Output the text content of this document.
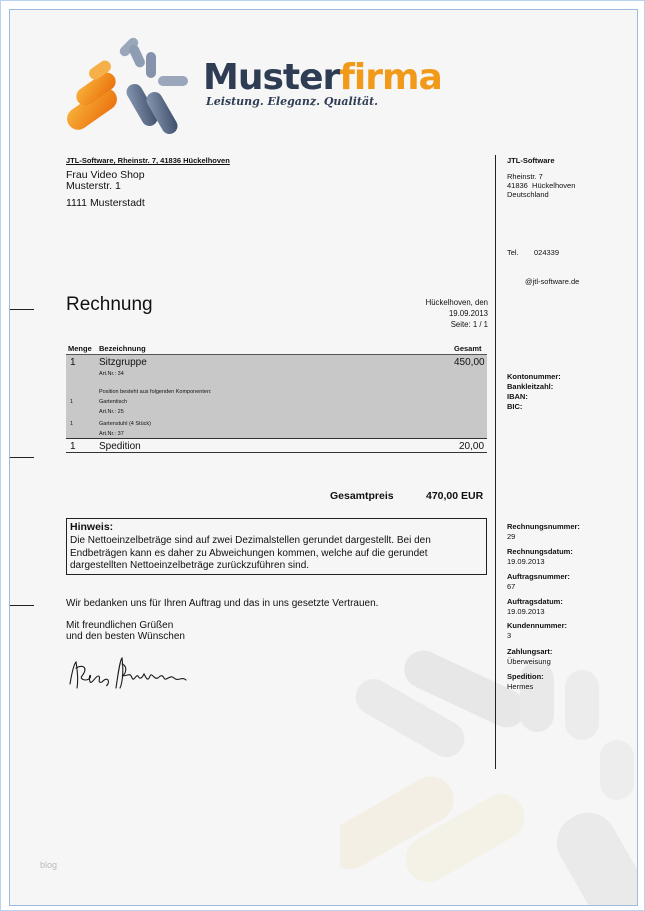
Musterfirma
Leistung. Eleganz. Qualität.
JTL-Software, Rheinstr. 7, 41836 Hückelhoven
Frau Video Shop
Musterstr. 1
1111 Musterstadt
JTL-Software
Rheinstr. 7
41836  Hückelhoven
Deutschland
Tel. 024339
@jtl-software.de
Rechnung	Hückelhoven, den
19.09.2013
Seite: 1 / 1
Menge Bezeichnung	Gesamt
1 Sitzgruppe	450,00
Art.Nr.: 34
Position besteht aus folgenden Komponenten:
1	Gartentisch
Art.Nr.: 25
1	Gartenstuhl (4 Stück)
Art.Nr.: 37
1 Spedition	20,00
Gesamtpreis	470,00 EUR
Hinweis:
Die Nettoeinzelbeträge sind auf zwei Dezimalstellen gerundet dargestellt. Bei den Endbeträgen kann es daher zu Abweichungen kommen, welche auf die gerundet dargestellten Nettoeinzelbeträge zurückzuführen sind.
Wir bedanken uns für Ihren Auftrag und das in uns gesetzte Vertrauen.
Mit freundlichen Grüßen
und den besten Wünschen
Kontonummer:
Bankleitzahl:
IBAN:
BIC:
Rechnungsnummer:
29
Rechnungsdatum:
19.09.2013
Auftragsnummer:
67
Auftragsdatum:
19.09.2013
Kundennummer:
3
Zahlungsart:
Überweisung
Spedition:
Hermes
blog
